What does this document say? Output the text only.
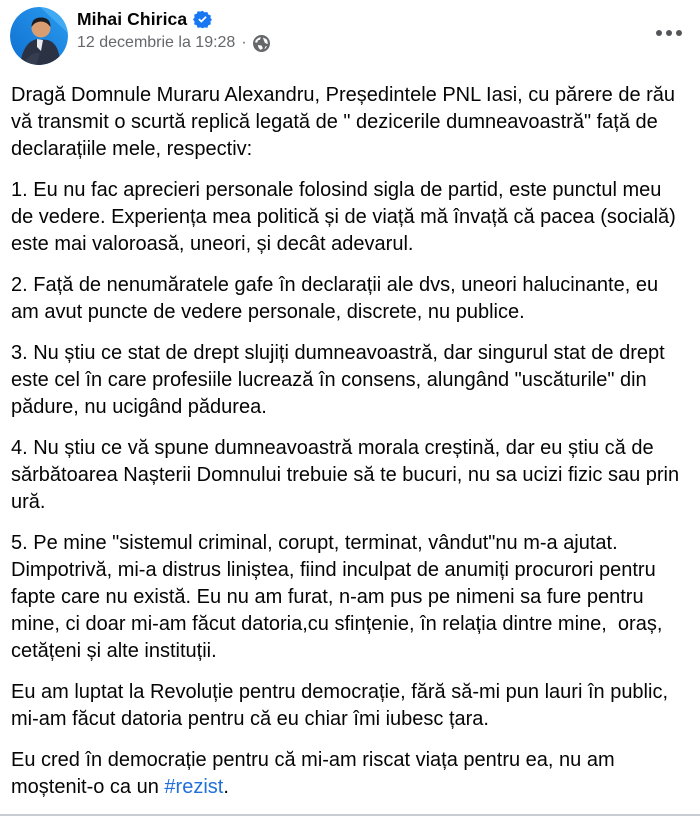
Mihai Chirica
12 decembrie la 19:28 ·

Dragă Domnule Muraru Alexandru, Președintele PNL Iasi, cu părere de rău vă transmit o scurtă replică legată de " dezicerile dumneavoastră" față de declarațiile mele, respectiv:

1. Eu nu fac aprecieri personale folosind sigla de partid, este punctul meu de vedere. Experiența mea politică și de viață mă învață că pacea (socială) este mai valoroasă, uneori, și decât adevarul.

2. Față de nenumăratele gafe în declarații ale dvs, uneori halucinante, eu am avut puncte de vedere personale, discrete, nu publice.

3. Nu știu ce stat de drept slujiți dumneavoastră, dar singurul stat de drept este cel în care profesiile lucrează în consens, alungând "uscăturile" din pădure, nu ucigând pădurea.

4. Nu știu ce vă spune dumneavoastră morala creștină, dar eu știu că de sărbătoarea Nașterii Domnului trebuie să te bucuri, nu sa ucizi fizic sau prin ură.

5. Pe mine "sistemul criminal, corupt, terminat, vândut"nu m-a ajutat. Dimpotrivă, mi-a distrus liniștea, fiind inculpat de anumiți procurori pentru fapte care nu există. Eu nu am furat, n-am pus pe nimeni sa fure pentru mine, ci doar mi-am făcut datoria,cu sfințenie, în relația dintre mine,  oraș, cetățeni și alte instituții.

Eu am luptat la Revoluție pentru democrație, fără să-mi pun lauri în public, mi-am făcut datoria pentru că eu chiar îmi iubesc țara.

Eu cred în democrație pentru că mi-am riscat viața pentru ea, nu am moștenit-o ca un #rezist.
